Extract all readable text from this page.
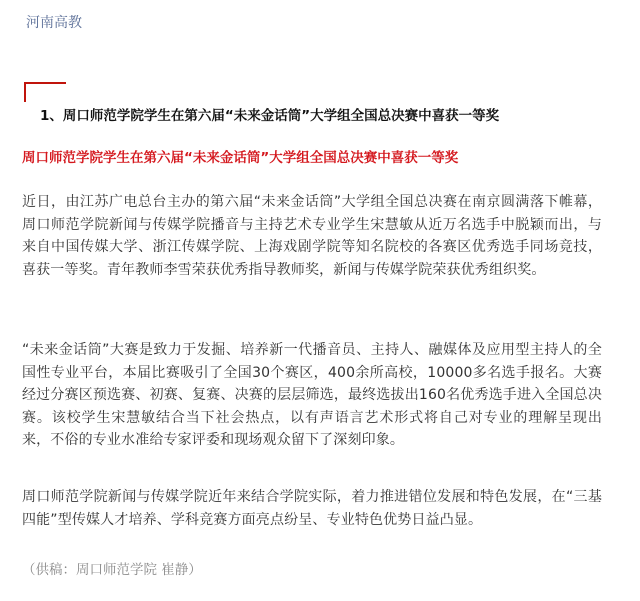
河南高教
1、周口师范学院学生在第六届“未来金话筒”大学组全国总决赛中喜获一等奖
周口师范学院学生在第六届“未来金话筒”大学组全国总决赛中喜获一等奖

近日，由江苏广电总台主办的第六届“未来金话筒”大学组全国总决赛在南京圆满落下帷幕，周口师范学院新闻与传媒学院播音与主持艺术专业学生宋慧敏从近万名选手中脱颖而出，与来自中国传媒大学、浙江传媒学院、上海戏剧学院等知名院校的各赛区优秀选手同场竞技，喜获一等奖。青年教师李雪荣获优秀指导教师奖，新闻与传媒学院荣获优秀组织奖。

“未来金话筒”大赛是致力于发掘、培养新一代播音员、主持人、融媒体及应用型主持人的全国性专业平台，本届比赛吸引了全国30个赛区，400余所高校，10000多名选手报名。大赛经过分赛区预选赛、初赛、复赛、决赛的层层筛选，最终选拔出160名优秀选手进入全国总决赛。该校学生宋慧敏结合当下社会热点，以有声语言艺术形式将自己对专业的理解呈现出来，不俗的专业水准给专家评委和现场观众留下了深刻印象。

周口师范学院新闻与传媒学院近年来结合学院实际，着力推进错位发展和特色发展，在“三基四能”型传媒人才培养、学科竞赛方面亮点纷呈、专业特色优势日益凸显。

（供稿：周口师范学院 崔静）
